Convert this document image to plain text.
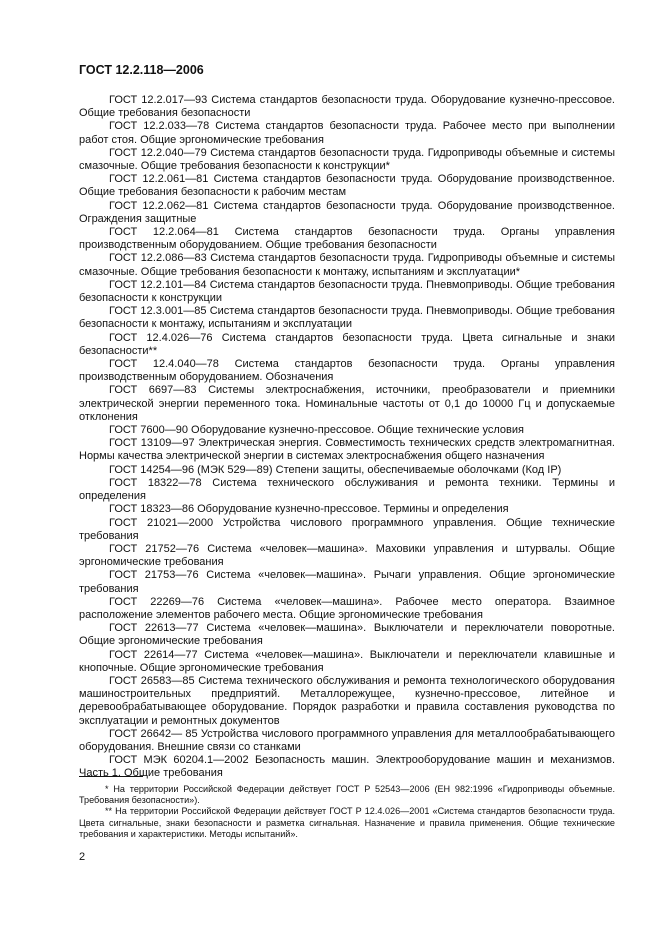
ГОСТ 12.2.118—2006

ГОСТ 12.2.017—93 Система стандартов безопасности труда. Оборудование кузнечно-прессовое. Общие требования безопасности

ГОСТ 12.2.033—78 Система стандартов безопасности труда. Рабочее место при выполнении работ стоя. Общие эргономические требования

ГОСТ 12.2.040—79 Система стандартов безопасности труда. Гидроприводы объемные и системы смазочные. Общие требования безопасности к конструкции*

ГОСТ 12.2.061—81 Система стандартов безопасности труда. Оборудование производственное. Общие требования безопасности к рабочим местам

ГОСТ 12.2.062—81 Система стандартов безопасности труда. Оборудование производственное. Ограждения защитные

ГОСТ 12.2.064—81 Система стандартов безопасности труда. Органы управления производственным оборудованием. Общие требования безопасности

ГОСТ 12.2.086—83 Система стандартов безопасности труда. Гидроприводы объемные и системы смазочные. Общие требования безопасности к монтажу, испытаниям и эксплуатации*

ГОСТ 12.2.101—84 Система стандартов безопасности труда. Пневмоприводы. Общие требования безопасности к конструкции

ГОСТ 12.3.001—85 Система стандартов безопасности труда. Пневмоприводы. Общие требования безопасности к монтажу, испытаниям и эксплуатации

ГОСТ 12.4.026—76 Система стандартов безопасности труда. Цвета сигнальные и знаки безопасности**

ГОСТ 12.4.040—78 Система стандартов безопасности труда. Органы управления производственным оборудованием. Обозначения

ГОСТ 6697—83 Системы электроснабжения, источники, преобразователи и приемники электрической энергии переменного тока. Номинальные частоты от 0,1 до 10000 Гц и допускаемые отклонения

ГОСТ 7600—90 Оборудование кузнечно-прессовое. Общие технические условия

ГОСТ 13109—97 Электрическая энергия. Совместимость технических средств электромагнитная. Нормы качества электрической энергии в системах электроснабжения общего назначения

ГОСТ 14254—96 (МЭК 529—89) Степени защиты, обеспечиваемые оболочками (Код IP)

ГОСТ 18322—78 Система технического обслуживания и ремонта техники. Термины и определения

ГОСТ 18323—86 Оборудование кузнечно-прессовое. Термины и определения

ГОСТ 21021—2000 Устройства числового программного управления. Общие технические требования

ГОСТ 21752—76 Система «человек—машина». Маховики управления и штурвалы. Общие эргономические требования

ГОСТ 21753—76 Система «человек—машина». Рычаги управления. Общие эргономические требования

ГОСТ 22269—76 Система «человек—машина». Рабочее место оператора. Взаимное расположение элементов рабочего места. Общие эргономические требования

ГОСТ 22613—77 Система «человек—машина». Выключатели и переключатели поворотные. Общие эргономические требования

ГОСТ 22614—77 Система «человек—машина». Выключатели и переключатели клавишные и кнопочные. Общие эргономические требования

ГОСТ 26583—85 Система технического обслуживания и ремонта технологического оборудования машиностроительных предприятий. Металлорежущее, кузнечно-прессовое, литейное и деревообрабатывающее оборудование. Порядок разработки и правила составления руководства по эксплуатации и ремонтных документов

ГОСТ 26642— 85 Устройства числового программного управления для металлообрабатывающего оборудования. Внешние связи со станками

ГОСТ МЭК 60204.1—2002 Безопасность машин. Электрооборудование машин и механизмов. Часть 1. Общие требования

* На территории Российской Федерации действует ГОСТ Р 52543—2006 (ЕН 982:1996 «Гидроприводы объемные. Требования безопасности»).

** На территории Российской Федерации действует ГОСТ Р 12.4.026—2001 «Система стандартов безопасности труда. Цвета сигнальные, знаки безопасности и разметка сигнальная. Назначение и правила применения. Общие технические требования и характеристики. Методы испытаний».

2
